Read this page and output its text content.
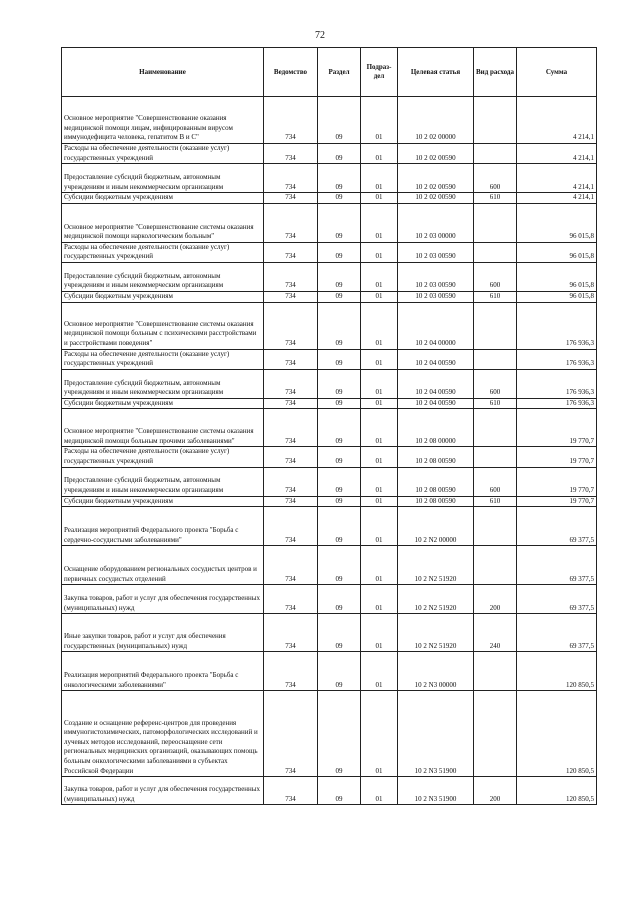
72
Наименование	Ведомство	Раздел	Подраз-дел	Целевая статья	Вид расхода	Сумма
Основное мероприятие "Совершенствование оказания медицинской помощи лицам, инфицированным вирусом иммунодефицита человека, гепатитом В и С"	734	09	01	10 2 02 00000		4 214,1
Расходы на обеспечение деятельности (оказание услуг) государственных учреждений	734	09	01	10 2 02 00590		4 214,1
Предоставление субсидий бюджетным, автономным учреждениям и иным некоммерческим организациям	734	09	01	10 2 02 00590	600	4 214,1
Субсидии бюджетным учреждениям	734	09	01	10 2 02 00590	610	4 214,1
Основное мероприятие "Совершенствование системы оказания медицинской помощи наркологическим больным"	734	09	01	10 2 03 00000		96 015,8
Расходы на обеспечение деятельности (оказание услуг) государственных учреждений	734	09	01	10 2 03 00590		96 015,8
Предоставление субсидий бюджетным, автономным учреждениям и иным некоммерческим организациям	734	09	01	10 2 03 00590	600	96 015,8
Субсидии бюджетным учреждениям	734	09	01	10 2 03 00590	610	96 015,8
Основное мероприятие "Совершенствование системы оказания медицинской помощи больным с психическими расстройствами и расстройствами поведения"	734	09	01	10 2 04 00000		176 936,3
Расходы на обеспечение деятельности (оказание услуг) государственных учреждений	734	09	01	10 2 04 00590		176 936,3
Предоставление субсидий бюджетным, автономным учреждениям и иным некоммерческим организациям	734	09	01	10 2 04 00590	600	176 936,3
Субсидии бюджетным учреждениям	734	09	01	10 2 04 00590	610	176 936,3
Основное мероприятие "Совершенствование системы оказания медицинской помощи больным прочими заболеваниями"	734	09	01	10 2 08 00000		19 770,7
Расходы на обеспечение деятельности (оказание услуг) государственных учреждений	734	09	01	10 2 08 00590		19 770,7
Предоставление субсидий бюджетным, автономным учреждениям и иным некоммерческим организациям	734	09	01	10 2 08 00590	600	19 770,7
Субсидии бюджетным учреждениям	734	09	01	10 2 08 00590	610	19 770,7
Реализация мероприятий Федерального проекта "Борьба с сердечно-сосудистыми заболеваниями"	734	09	01	10 2 N2 00000		69 377,5
Оснащение оборудованием региональных сосудистых центров и первичных сосудистых отделений	734	09	01	10 2 N2 51920		69 377,5
Закупка товаров, работ и услуг для обеспечения государственных (муниципальных) нужд	734	09	01	10 2 N2 51920	200	69 377,5
Иные закупки товаров, работ и услуг для обеспечения государственных (муниципальных) нужд	734	09	01	10 2 N2 51920	240	69 377,5
Реализация мероприятий Федерального проекта "Борьба с онкологическими заболеваниями"	734	09	01	10 2 N3 00000		120 850,5
Создание и оснащение референс-центров для проведения иммуногистохимических, патоморфологических исследований и лучевых методов исследований, переоснащение сети региональных медицинских организаций, оказывающих помощь больным онкологическими заболеваниями в субъектах Российской Федерации	734	09	01	10 2 N3 51900		120 850,5
Закупка товаров, работ и услуг для обеспечения государственных (муниципальных) нужд	734	09	01	10 2 N3 51900	200	120 850,5
